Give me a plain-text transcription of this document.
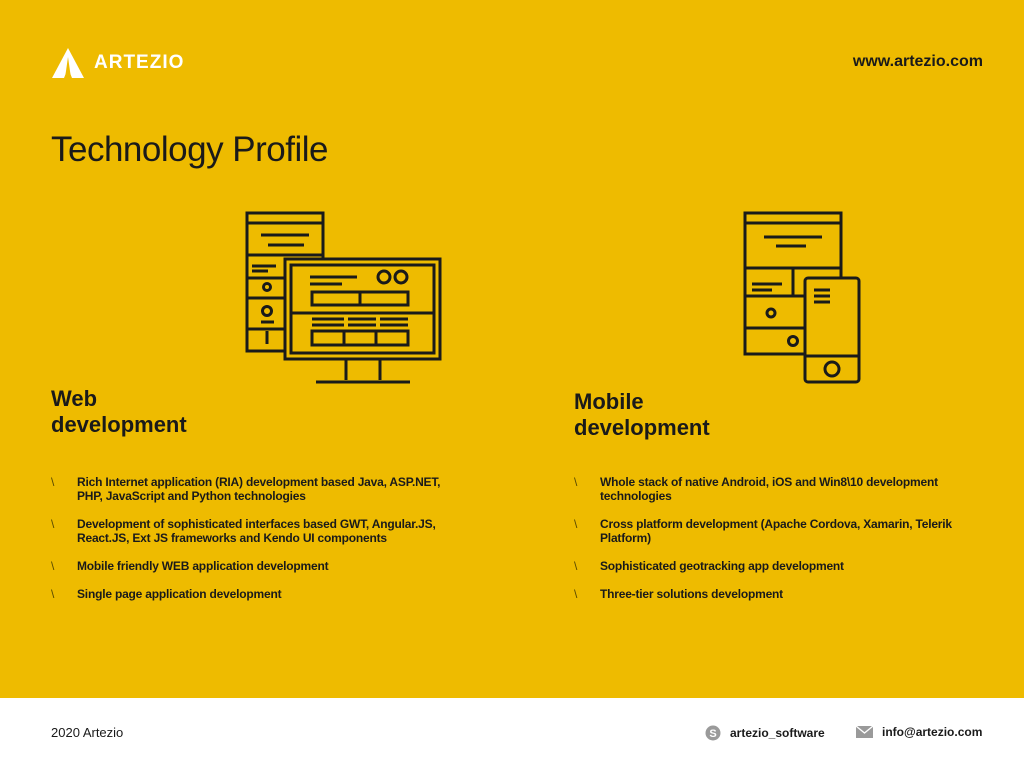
ARTEZIO	www.artezio.com
Technology Profile
Web
development
Mobile
development
\ Rich Internet application (RIA) development based Java, ASP.NET, PHP, JavaScript and Python technologies
\ Development of sophisticated interfaces based GWT, Angular.JS, React.JS, Ext JS frameworks and Kendo UI components
\ Mobile friendly WEB application development
\ Single page application development
\ Whole stack of native Android, iOS and Win8\10 development technologies
\ Cross platform development (Apache Cordova, Xamarin, Telerik Platform)
\ Sophisticated geotracking app development
\ Three-tier solutions development
2020 Artezio	S artezio_software	info@artezio.com
